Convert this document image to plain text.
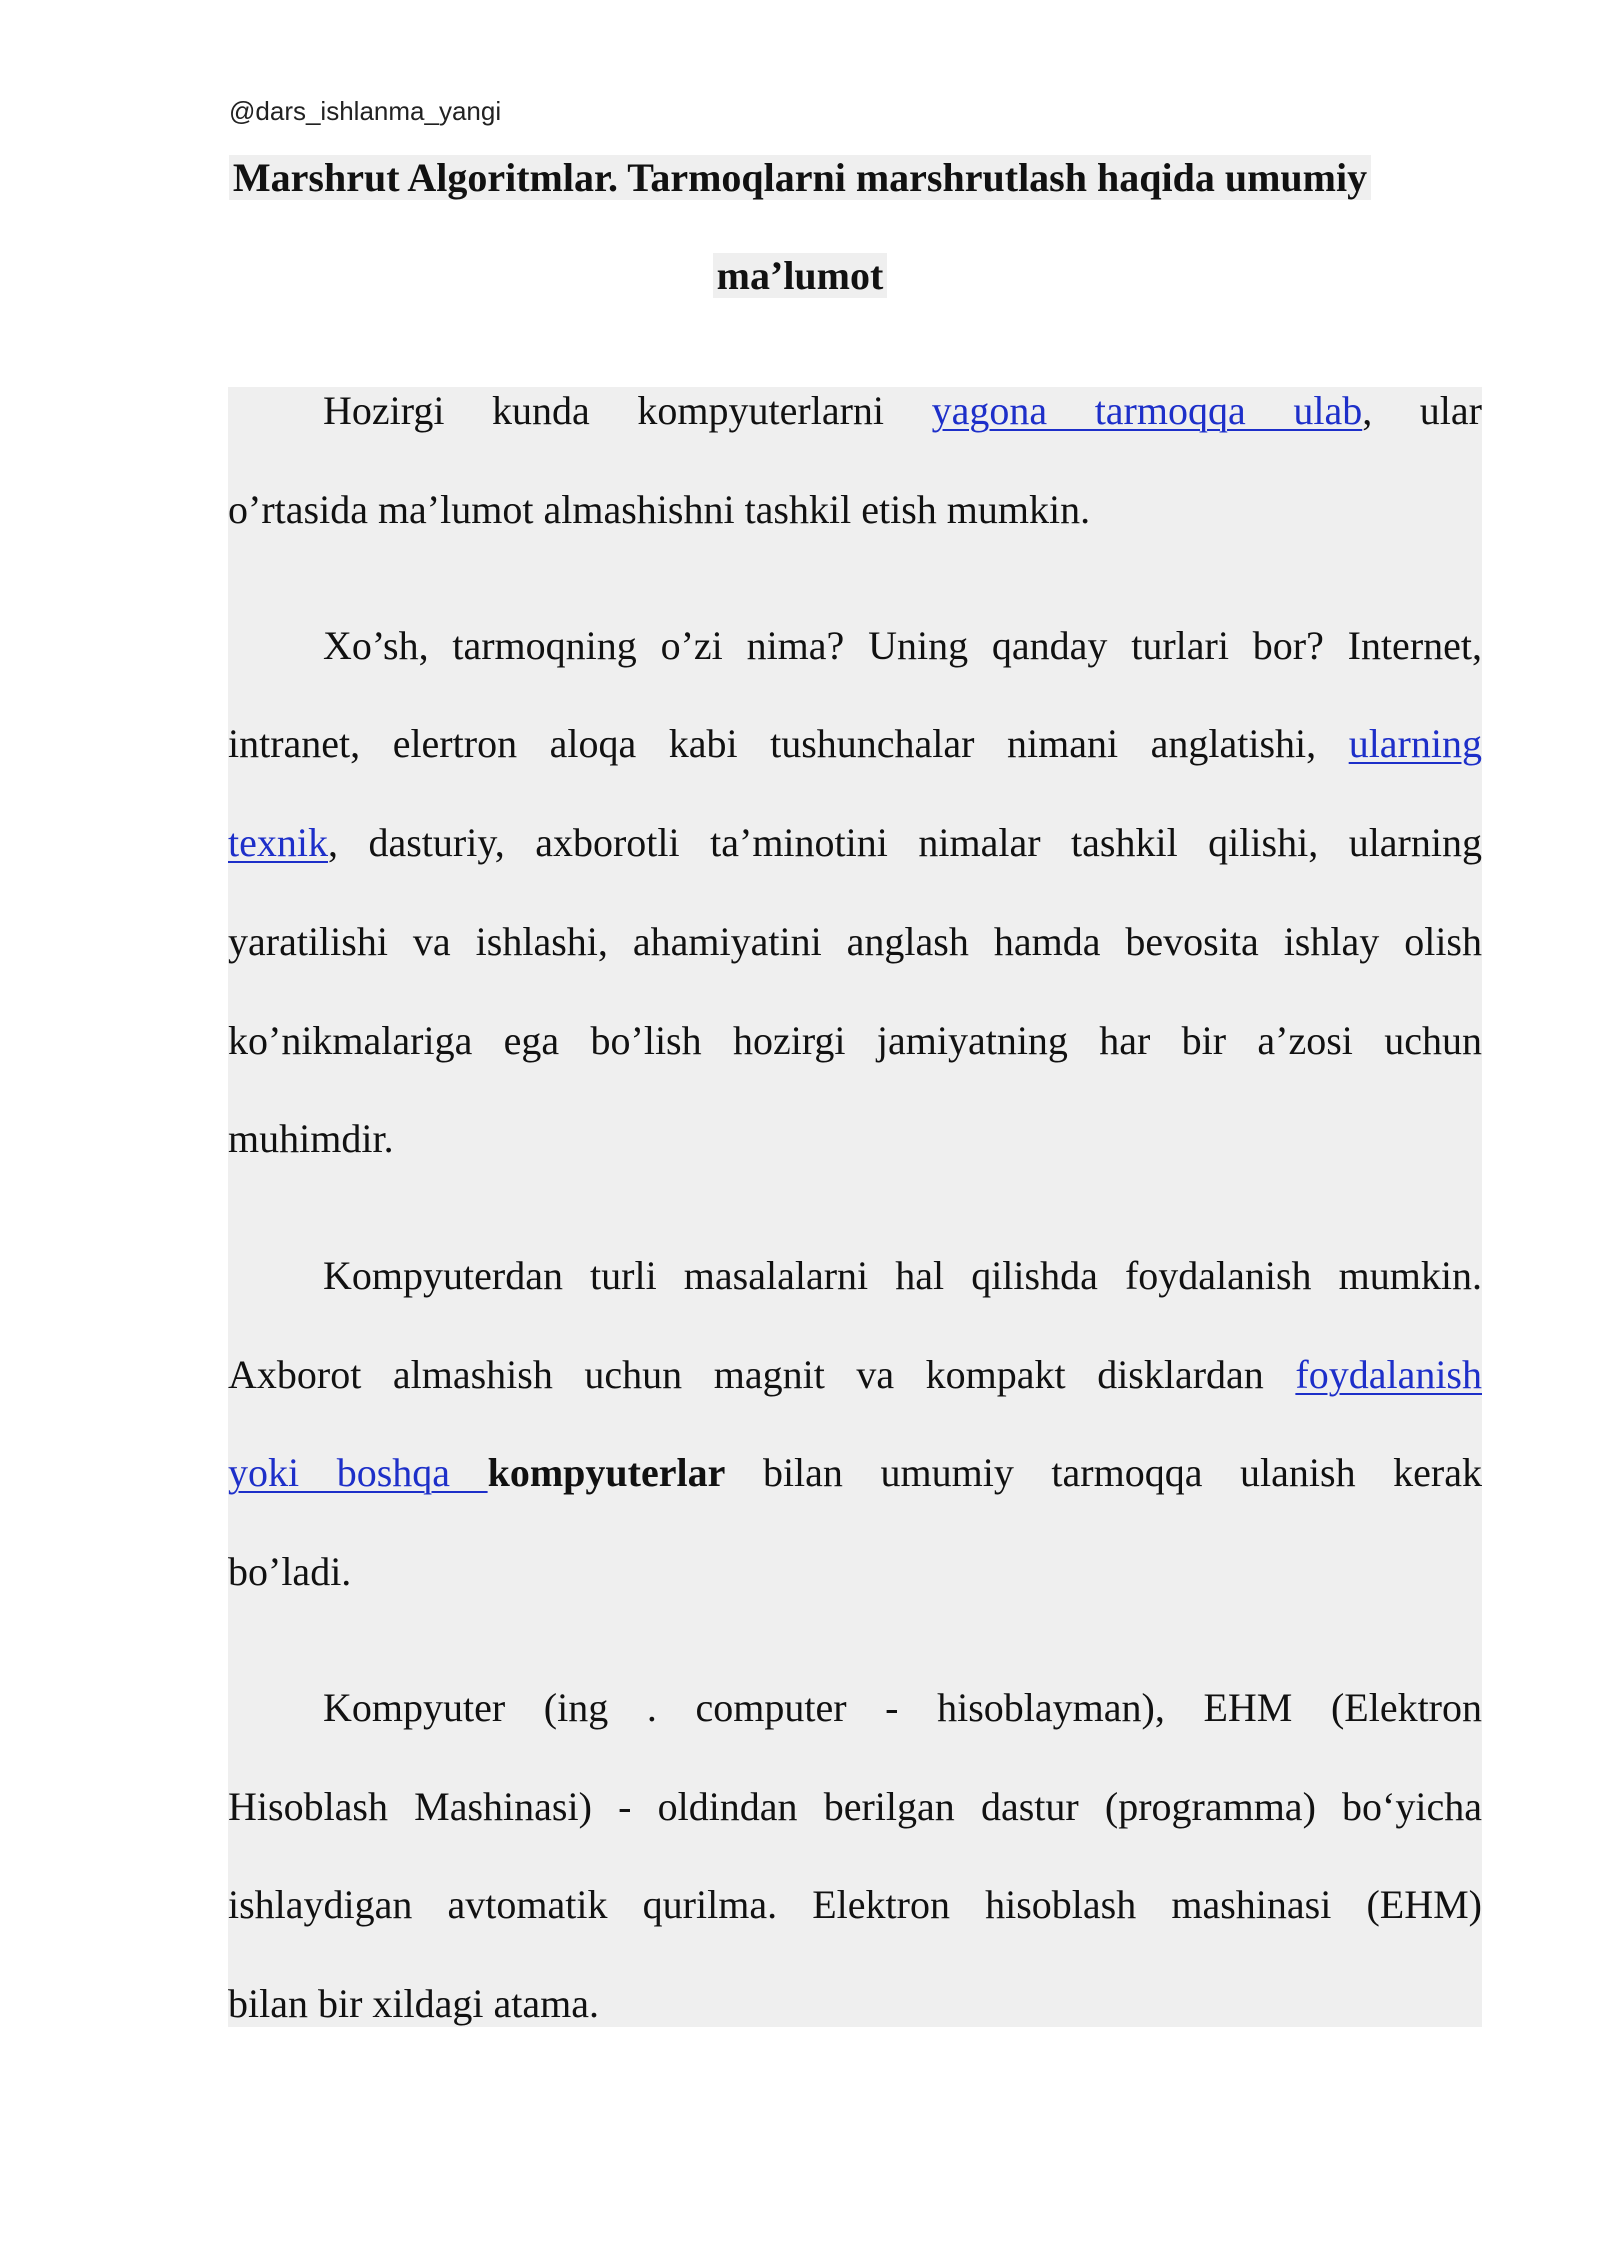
@dars_ishlanma_yangi
Marshrut Algoritmlar. Tarmoqlarni marshrutlash haqida umumiy
ma’lumot
Hozirgi kunda kompyuterlarni yagona tarmoqqa ulab, ular
o’rtasida ma’lumot almashishni tashkil etish mumkin.
Xo’sh, tarmoqning o’zi nima? Uning qanday turlari bor? Internet,
intranet, elertron aloqa kabi tushunchalar nimani anglatishi, ularning
texnik, dasturiy, axborotli ta’minotini nimalar tashkil qilishi, ularning
yaratilishi va ishlashi, ahamiyatini anglash hamda bevosita ishlay olish
ko’nikmalariga ega bo’lish hozirgi jamiyatning har bir a’zosi uchun
muhimdir.
Kompyuterdan turli masalalarni hal qilishda foydalanish mumkin.
Axborot almashish uchun magnit va kompakt disklardan foydalanish
yoki boshqa kompyuterlar bilan umumiy tarmoqqa ulanish kerak
bo’ladi.
Kompyuter (ing . computer - hisoblayman), EHM (Elektron
Hisoblash Mashinasi) - oldindan berilgan dastur (programma) bo‘yicha
ishlaydigan avtomatik qurilma. Elektron hisoblash mashinasi (EHM)
bilan bir xildagi atama.
